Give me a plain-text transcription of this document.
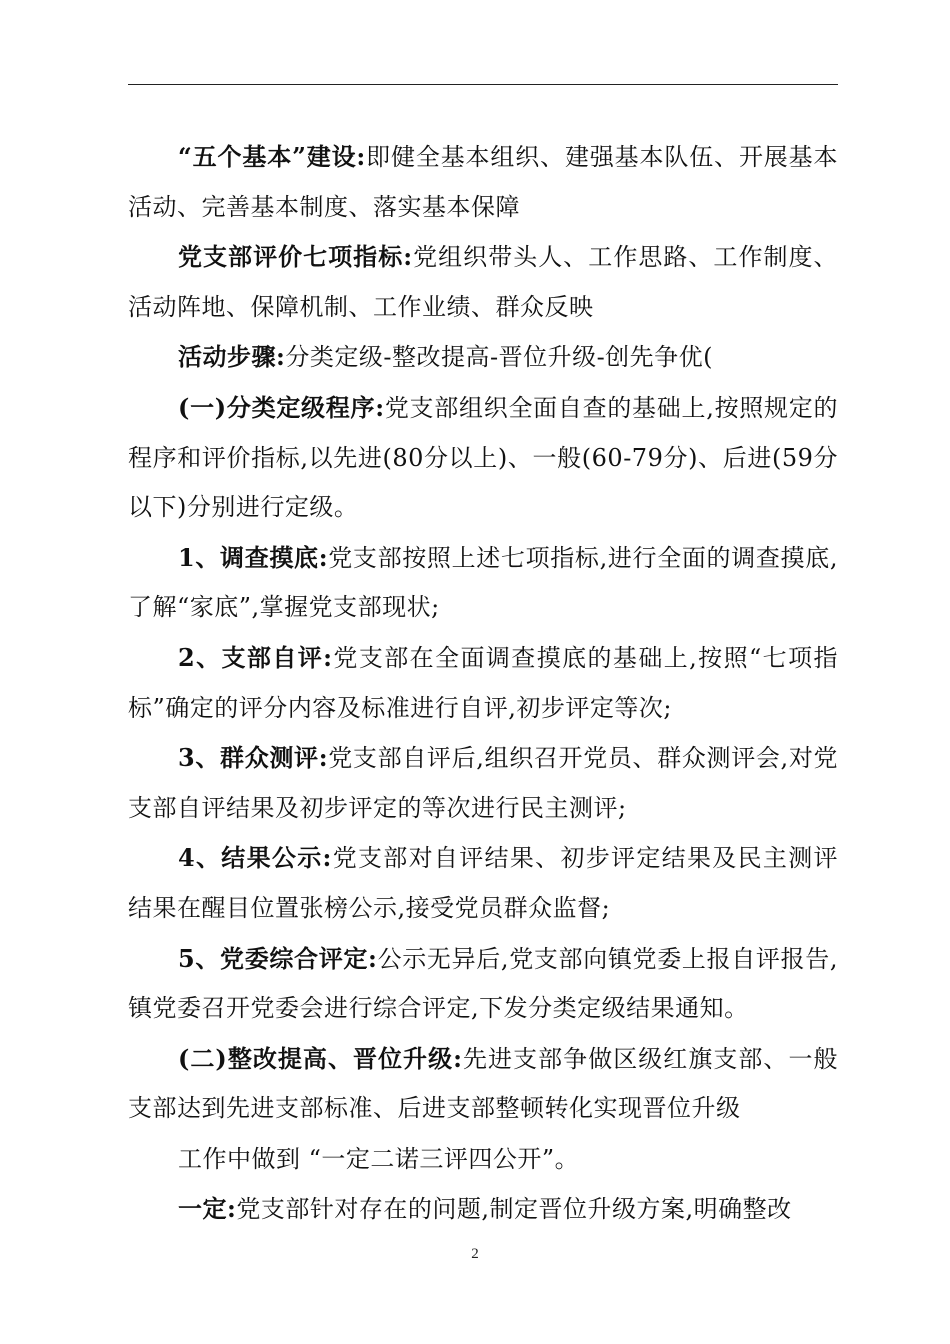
“五个基本”建设:即健全基本组织、建强基本队伍、开展基本活动、完善基本制度、落实基本保障

党支部评价七项指标:党组织带头人、工作思路、工作制度、活动阵地、保障机制、工作业绩、群众反映

活动步骤:分类定级-整改提高-晋位升级-创先争优(

(一)分类定级程序:党支部组织全面自查的基础上,按照规定的程序和评价指标,以先进(80分以上)、一般(60-79分)、后进(59分以下)分别进行定级。

1、调查摸底:党支部按照上述七项指标,进行全面的调查摸底,了解“家底”,掌握党支部现状;

2、支部自评:党支部在全面调查摸底的基础上,按照“七项指标”确定的评分内容及标准进行自评,初步评定等次;

3、群众测评:党支部自评后,组织召开党员、群众测评会,对党支部自评结果及初步评定的等次进行民主测评;

4、结果公示:党支部对自评结果、初步评定结果及民主测评结果在醒目位置张榜公示,接受党员群众监督;

5、党委综合评定:公示无异后,党支部向镇党委上报自评报告,镇党委召开党委会进行综合评定,下发分类定级结果通知。

(二)整改提高、晋位升级:先进支部争做区级红旗支部、一般支部达到先进支部标准、后进支部整顿转化实现晋位升级

工作中做到 “一定二诺三评四公开”。

一定:党支部针对存在的问题,制定晋位升级方案,明确整改

2
